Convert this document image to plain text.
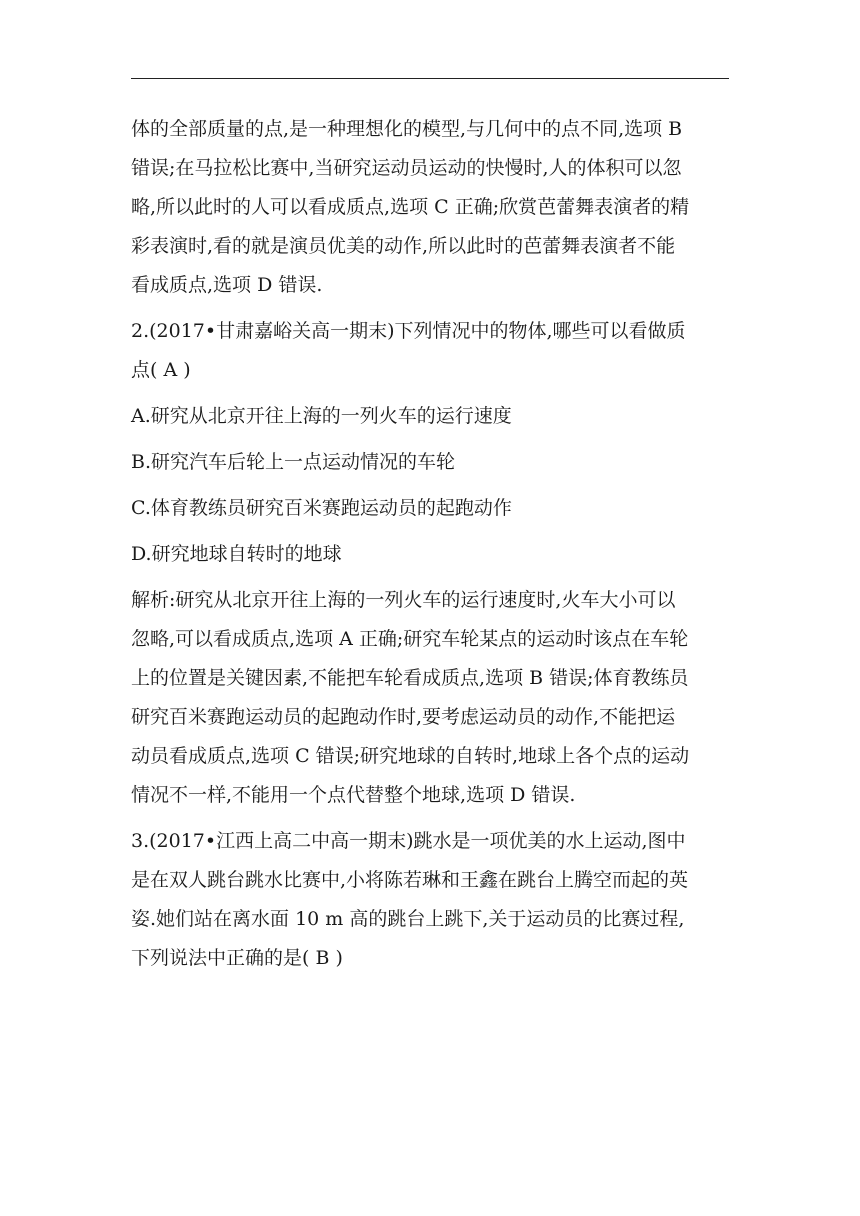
体的全部质量的点,是一种理想化的模型,与几何中的点不同,选项 B
错误;在马拉松比赛中,当研究运动员运动的快慢时,人的体积可以忽
略,所以此时的人可以看成质点,选项 C 正确;欣赏芭蕾舞表演者的精
彩表演时,看的就是演员优美的动作,所以此时的芭蕾舞表演者不能
看成质点,选项 D 错误.
2.(2017•甘肃嘉峪关高一期末)下列情况中的物体,哪些可以看做质
点( A )
A.研究从北京开往上海的一列火车的运行速度
B.研究汽车后轮上一点运动情况的车轮
C.体育教练员研究百米赛跑运动员的起跑动作
D.研究地球自转时的地球
解析:研究从北京开往上海的一列火车的运行速度时,火车大小可以
忽略,可以看成质点,选项 A 正确;研究车轮某点的运动时该点在车轮
上的位置是关键因素,不能把车轮看成质点,选项 B 错误;体育教练员
研究百米赛跑运动员的起跑动作时,要考虑运动员的动作,不能把运
动员看成质点,选项 C 错误;研究地球的自转时,地球上各个点的运动
情况不一样,不能用一个点代替整个地球,选项 D 错误.
3.(2017•江西上高二中高一期末)跳水是一项优美的水上运动,图中
是在双人跳台跳水比赛中,小将陈若琳和王鑫在跳台上腾空而起的英
姿.她们站在离水面 10 m 高的跳台上跳下,关于运动员的比赛过程,
下列说法中正确的是( B )
